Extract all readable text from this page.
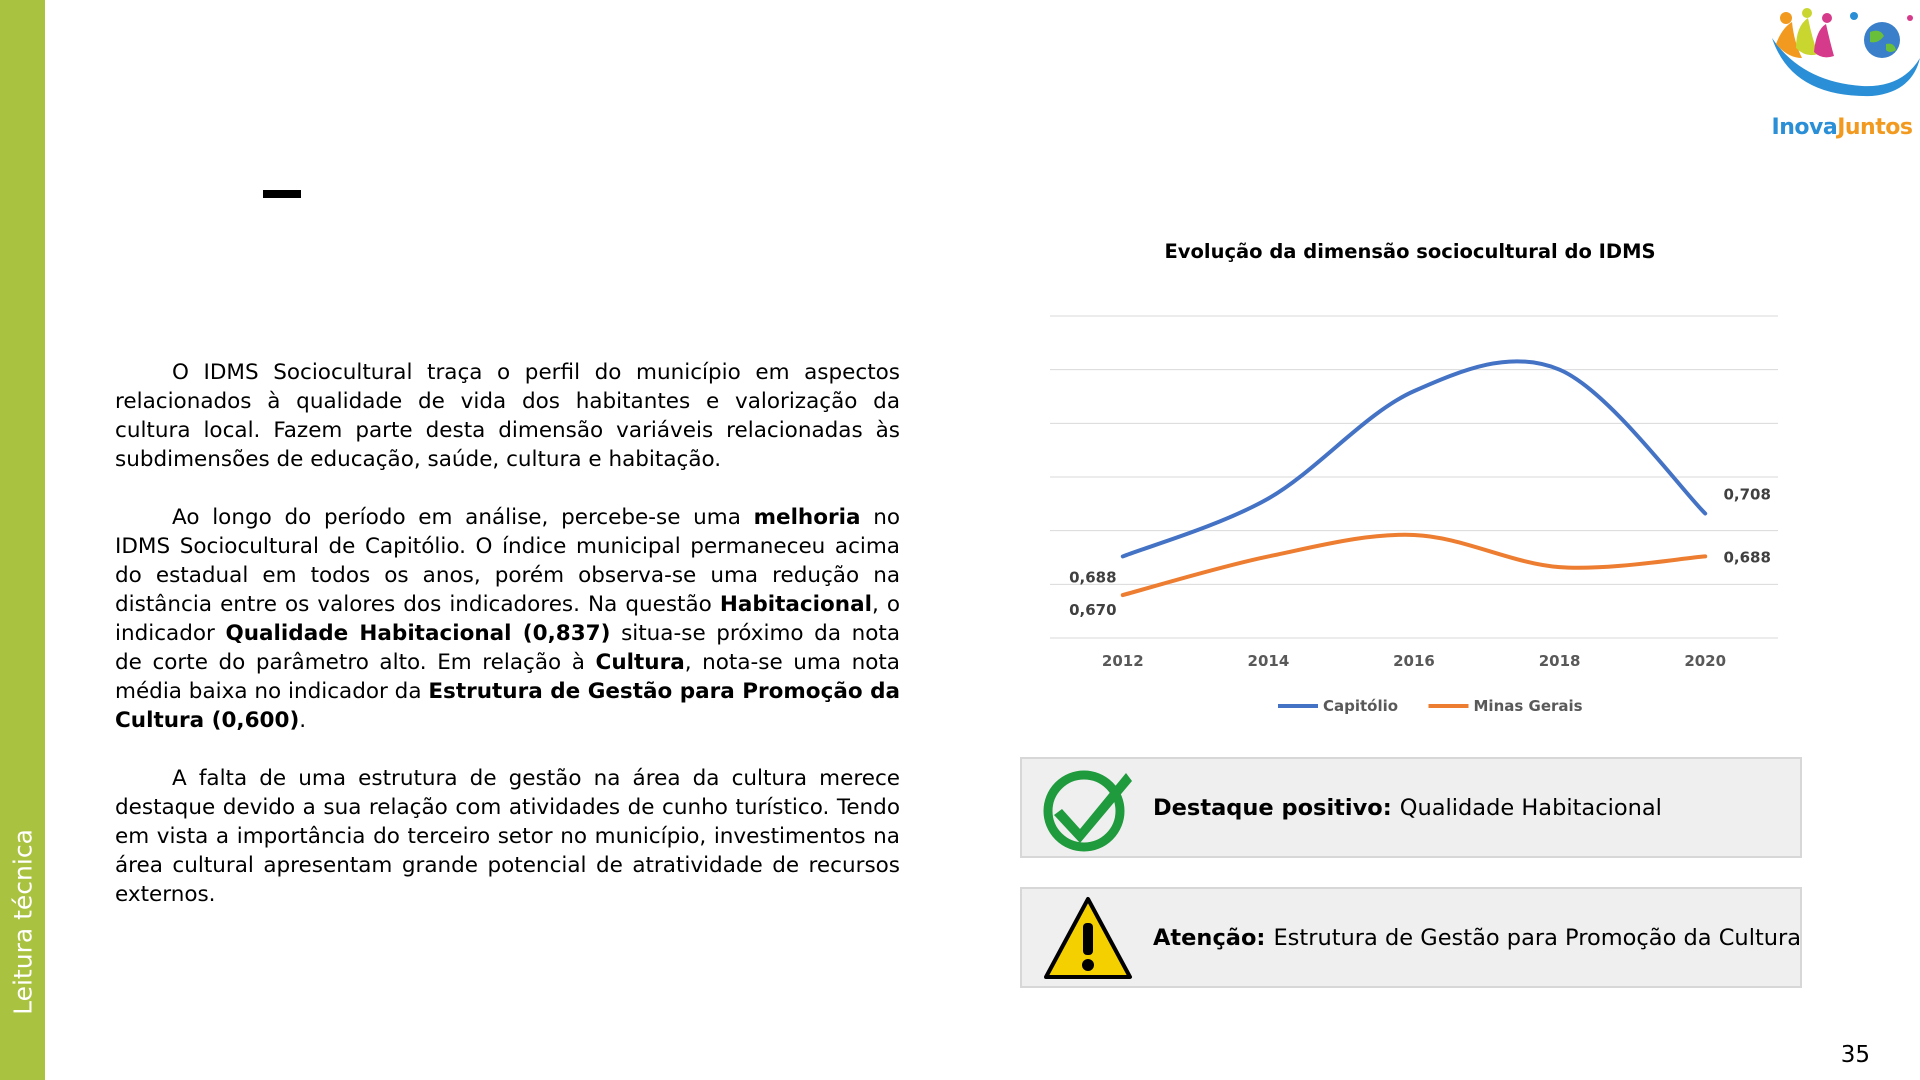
Leitura técnica
InovaJuntos

O IDMS Sociocultural traça o perfil do município em aspectos relacionados à qualidade de vida dos habitantes e valorização da cultura local. Fazem parte desta dimensão variáveis relacionadas às subdimensões de educação, saúde, cultura e habitação.

Ao longo do período em análise, percebe-se uma melhoria no IDMS Sociocultural de Capitólio. O índice municipal permaneceu acima do estadual em todos os anos, porém observa-se uma redução na distância entre os valores dos indicadores. Na questão Habitacional, o indicador Qualidade Habitacional (0,837) situa-se próximo da nota de corte do parâmetro alto. Em relação à Cultura, nota-se uma nota média baixa no indicador da Estrutura de Gestão para Promoção da Cultura (0,600).

A falta de uma estrutura de gestão na área da cultura merece destaque devido a sua relação com atividades de cunho turístico. Tendo em vista a importância do terceiro setor no município, investimentos na área cultural apresentam grande potencial de atratividade de recursos externos.

Evolução da dimensão sociocultural do IDMS
2012	2014	2016	2018	2020
0,688
0,708
0,670
0,688
Capitólio	Minas Gerais
Destaque positivo: Qualidade Habitacional
Atenção: Estrutura de Gestão para Promoção da Cultura
35
